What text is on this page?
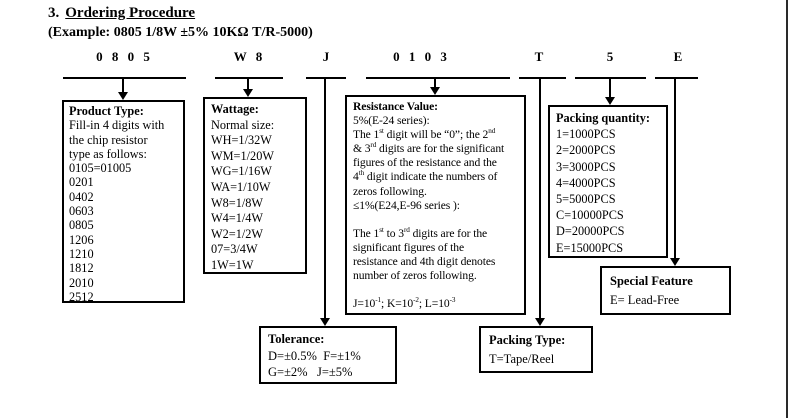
3. Ordering Procedure
(Example: 0805 1/8W ±5% 10KΩ T/R-5000)
0 8 0 5	W 8	J	0 1 0 3	T	5	E
Product Type:
Fill-in 4 digits with
the chip resistor
type as follows:
0105=01005
0201
0402
0603
0805
1206
1210
1812
2010
2512
Wattage:
Normal size:
WH=1/32W
WM=1/20W
WG=1/16W
WA=1/10W
W8=1/8W
W4=1/4W
W2=1/2W
07=3/4W
1W=1W
Resistance Value:
5%(E-24 series):
The 1st digit will be “0”; the 2nd
& 3rd digits are for the significant
figures of the resistance and the
4th digit indicate the numbers of
zeros following.
≤1%(E24,E-96 series ):
The 1st to 3rd digits are for the
significant figures of the
resistance and 4th digit denotes
number of zeros following.
$J=10^{-1}$; $K=10^{-2}$; $L=10^{-3}$
Packing quantity:
1=1000PCS
2=2000PCS
3=3000PCS
4=4000PCS
5=5000PCS
C=10000PCS
D=20000PCS
E=15000PCS
Special Feature
E= Lead-Free
Tolerance:
D=±0.5%  F=±1%
G=±2%   J=±5%
Packing Type:
T=Tape/Reel
